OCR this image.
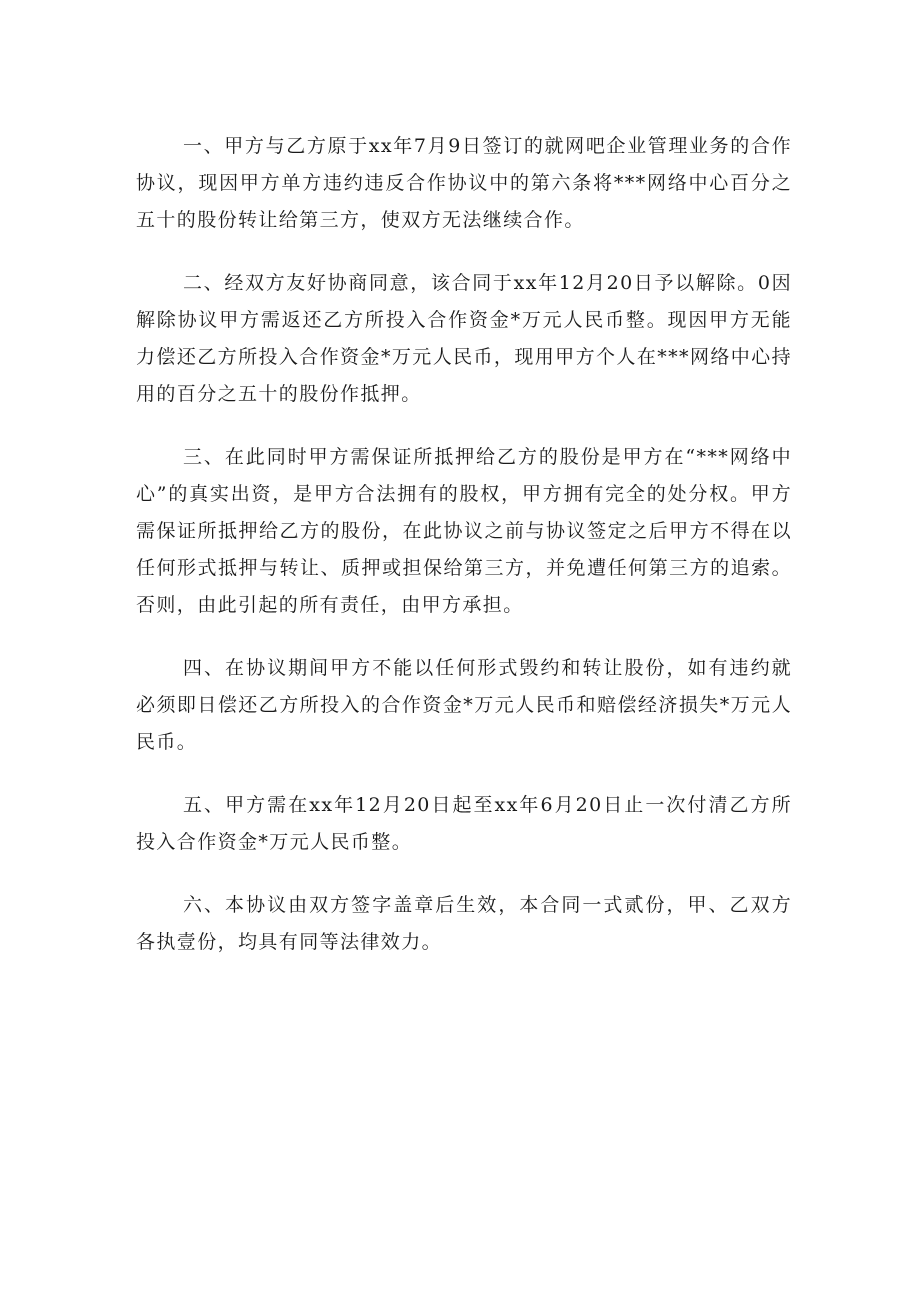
一、甲方与乙方原于xx年7月9日签订的就网吧企业管理业务的合作协议，现因甲方单方违约违反合作协议中的第六条将***网络中心百分之五十的股份转让给第三方，使双方无法继续合作。

二、经双方友好协商同意，该合同于xx年12月20日予以解除。0因解除协议甲方需返还乙方所投入合作资金*万元人民币整。现因甲方无能力偿还乙方所投入合作资金*万元人民币，现用甲方个人在***网络中心持用的百分之五十的股份作抵押。

三、在此同时甲方需保证所抵押给乙方的股份是甲方在“***网络中心”的真实出资，是甲方合法拥有的股权，甲方拥有完全的处分权。甲方需保证所抵押给乙方的股份，在此协议之前与协议签定之后甲方不得在以任何形式抵押与转让、质押或担保给第三方，并免遭任何第三方的追索。否则，由此引起的所有责任，由甲方承担。

四、在协议期间甲方不能以任何形式毁约和转让股份，如有违约就必须即日偿还乙方所投入的合作资金*万元人民币和赔偿经济损失*万元人民币。

五、甲方需在xx年12月20日起至xx年6月20日止一次付清乙方所投入合作资金*万元人民币整。

六、本协议由双方签字盖章后生效，本合同一式贰份，甲、乙双方各执壹份，均具有同等法律效力。
